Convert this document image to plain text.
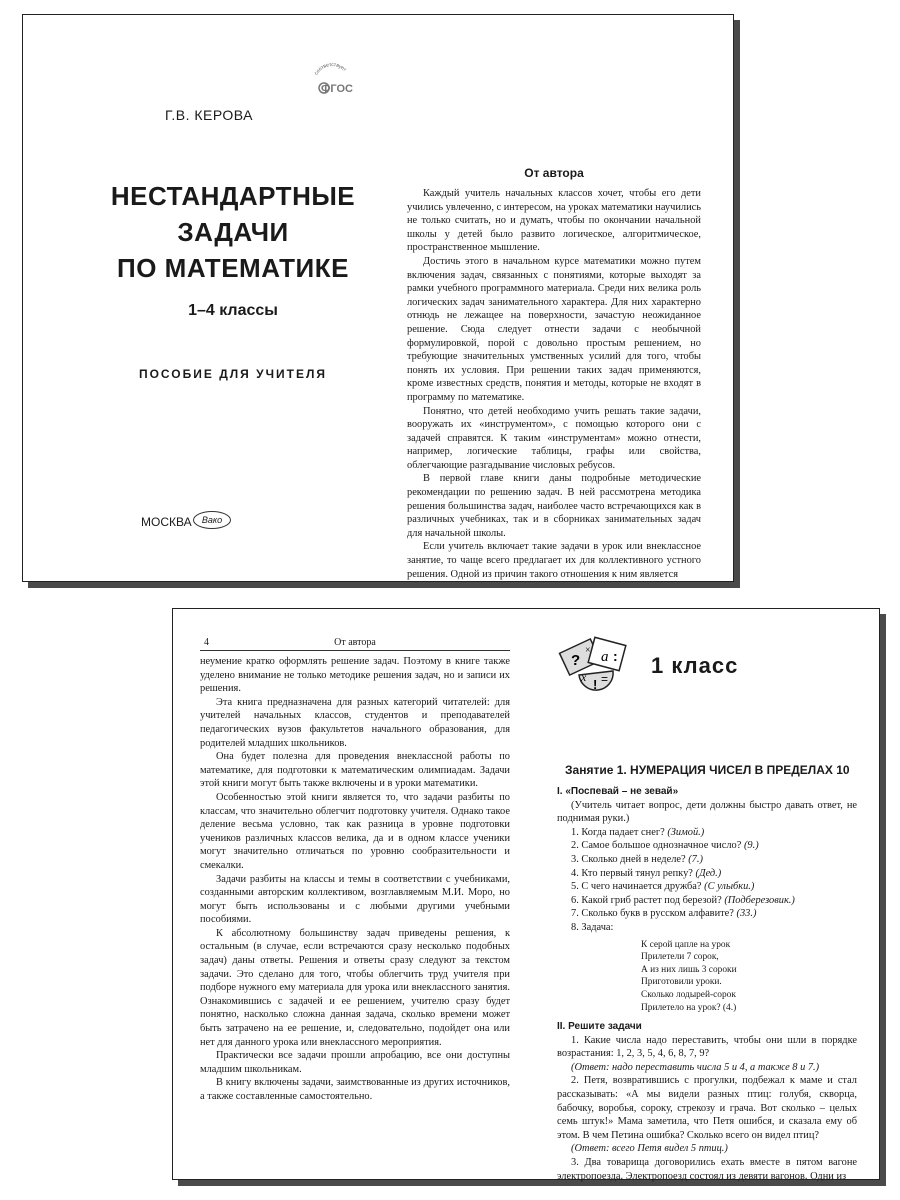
соответствует
ФГОС
Г.В. КЕРОВА
НЕСТАНДАРТНЫЕ
ЗАДАЧИ
ПО МАТЕМАТИКЕ
1–4 классы
ПОСОБИЕ ДЛЯ УЧИТЕЛЯ
МОСКВА	Вако
От автора

Каждый учитель начальных классов хочет, чтобы его дети учились увлеченно, с интересом, на уроках математики научились не только считать, но и думать, чтобы по окончании начальной школы у детей было развито логическое, алгоритмическое, пространственное мышление.

Достичь этого в начальном курсе математики можно путем включения задач, связанных с понятиями, которые выходят за рамки учебного программного материала. Среди них велика роль логических задач занимательного характера. Для них характерно отнюдь не лежащее на поверхности, зачастую неожиданное решение. Сюда следует отнести задачи с необычной формулировкой, порой с довольно простым решением, но требующие значительных умственных усилий для того, чтобы понять их условия. При решении таких задач применяются, кроме известных средств, понятия и методы, которые не входят в программу по математике.

Понятно, что детей необходимо учить решать такие задачи, вооружать их «инструментом», с помощью которого они с задачей справятся. К таким «инструментам» можно отнести, например, логические таблицы, графы или свойства, облегчающие разгадывание числовых ребусов.

В первой главе книги даны подробные методические рекомендации по решению задач. В ней рассмотрена методика решения большинства задач, наиболее часто встречающихся как в различных учебниках, так и в сборниках занимательных задач для начальной школы.

Если учитель включает такие задачи в урок или внеклассное занятие, то чаще всего предлагает их для коллективного устного решения. Одной из причин такого отношения к ним является

4	От автора

неумение кратко оформлять решение задач. Поэтому в книге также уделено внимание не только методике решения задач, но и записи их решения.

Эта книга предназначена для разных категорий читателей: для учителей начальных классов, студентов и преподавателей педагогических вузов факультетов начального образования, для родителей младших школьников.

Она будет полезна для проведения внеклассной работы по математике, для подготовки к математическим олимпиадам. Задачи этой книги могут быть также включены и в уроки математики.

Особенностью этой книги является то, что задачи разбиты по классам, что значительно облегчит подготовку учителя. Однако такое деление весьма условно, так как разница в уровне подготовки учеников различных классов велика, да и в одном классе ученики могут значительно отличаться по уровню сообразительности и смекалки.

Задачи разбиты на классы и темы в соответствии с учебниками, созданными авторским коллективом, возглавляемым М.И. Моро, но могут быть использованы и с любыми другими учебными пособиями.

К абсолютному большинству задач приведены решения, к остальным (в случае, если встречаются сразу несколько подобных задач) даны ответы. Решения и ответы сразу следуют за текстом задачи. Это сделано для того, чтобы облегчить труд учителя при подборе нужного ему материала для урока или внеклассного занятия. Ознакомившись с задачей и ее решением, учителю сразу будет понятно, насколько сложна данная задача, сколько времени может быть затрачено на ее решение, и, следовательно, подойдет она или нет для данного урока или внеклассного мероприятия.

Практически все задачи прошли апробацию, все они доступны младшим школьникам.

В книгу включены задачи, заимствованные из других источников, а также составленные самостоятельно.

?
× a :
x ! =
1 класс
Занятие 1. НУМЕРАЦИЯ ЧИСЕЛ В ПРЕДЕЛАХ 10

I. «Поспевай – не зевай»

(Учитель читает вопрос, дети должны быстро давать ответ, не поднимая руки.)

1. Когда падает снег? (Зимой.)

2. Самое большое однозначное число? (9.)

3. Сколько дней в неделе? (7.)

4. Кто первый тянул репку? (Дед.)

5. С чего начинается дружба? (С улыбки.)

6. Какой гриб растет под березой? (Подберезовик.)

7. Сколько букв в русском алфавите? (33.)

8. Задача:

К серой цапле на урок
Прилетели 7 сорок,
А из них лишь 3 сороки
Приготовили уроки.
Сколько лодырей-сорок
Прилетело на урок? (4.)

II. Решите задачи

1. Какие числа надо переставить, чтобы они шли в порядке возрастания: 1, 2, 3, 5, 4, 6, 8, 7, 9?

(Ответ: надо переставить числа 5 и 4, а также 8 и 7.)

2. Петя, возвратившись с прогулки, подбежал к маме и стал рассказывать: «А мы видели разных птиц: голубя, скворца, бабочку, воробья, сороку, стрекозу и грача. Вот сколько – целых семь штук!» Мама заметила, что Петя ошибся, и сказала ему об этом. В чем Петина ошибка? Сколько всего он видел птиц?

(Ответ: всего Петя видел 5 птиц.)

3. Два товарища договорились ехать вместе в пятом вагоне электропоезда. Электропоезд состоял из девяти вагонов. Одни из
